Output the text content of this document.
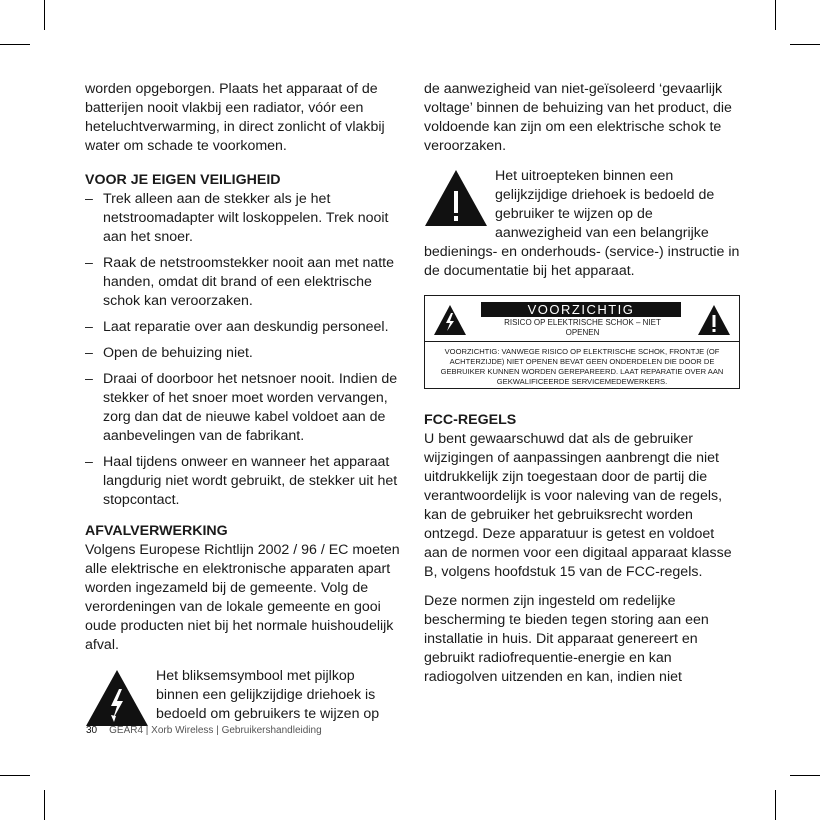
worden opgeborgen. Plaats het apparaat of de batterijen nooit vlakbij een radiator, vóór een heteluchtverwarming, in direct zonlicht of vlakbij water om schade te voorkomen.

VOOR JE EIGEN VEILIGHEID

– Trek alleen aan de stekker als je het netstroomadapter wilt loskoppelen. Trek nooit aan het snoer.
– Raak de netstroomstekker nooit aan met natte handen, omdat dit brand of een elektrische schok kan veroorzaken.
– Laat reparatie over aan deskundig personeel.
– Open de behuizing niet.
– Draai of doorboor het netsnoer nooit. Indien de stekker of het snoer moet worden vervangen, zorg dan dat de nieuwe kabel voldoet aan de aanbevelingen van de fabrikant.
– Haal tijdens onweer en wanneer het apparaat langdurig niet wordt gebruikt, de stekker uit het stopcontact.

AFVALVERWERKING

Volgens Europese Richtlijn 2002 / 96 / EC moeten alle elektrische en elektronische apparaten apart worden ingezameld bij de gemeente. Volg de verordeningen van de lokale gemeente en gooi oude producten niet bij het normale huishoudelijk afval.

Het bliksemsymbool met pijlkop binnen een gelijkzijdige driehoek is bedoeld om gebruikers te wijzen op

de aanwezigheid van niet-geïsoleerd ‘gevaarlijk voltage’ binnen de behuizing van het product, die voldoende kan zijn om een elektrische schok te veroorzaken.

Het uitroepteken binnen een gelijkzijdige driehoek is bedoeld de gebruiker te wijzen op de aanwezigheid van een belangrijke bedienings- en onderhouds- (service-) instructie in de documentatie bij het apparaat.

VOORZICHTIG
RISICO OP ELEKTRISCHE SCHOK – NIET OPENEN
VOORZICHTIG: VANWEGE RISICO OP ELEKTRISCHE SCHOK, FRONTJE (OF ACHTERZIJDE) NIET OPENEN BEVAT GEEN ONDERDELEN DIE DOOR DE GEBRUIKER KUNNEN WORDEN GEREPAREERD. LAAT REPARATIE OVER AAN GEKWALIFICEERDE SERVICEMEDEWERKERS.

FCC-REGELS

U bent gewaarschuwd dat als de gebruiker wijzigingen of aanpassingen aanbrengt die niet uitdrukkelijk zijn toegestaan door de partij die verantwoordelijk is voor naleving van de regels, kan de gebruiker het gebruiksrecht worden ontzegd. Deze apparatuur is getest en voldoet aan de normen voor een digitaal apparaat klasse B, volgens hoofdstuk 15 van de FCC-regels.

Deze normen zijn ingesteld om redelijke bescherming te bieden tegen storing aan een installatie in huis. Dit apparaat genereert en gebruikt radiofrequentie-energie en kan radiogolven uitzenden en kan, indien niet

30 GEAR4 | Xorb Wireless | Gebruikershandleiding
